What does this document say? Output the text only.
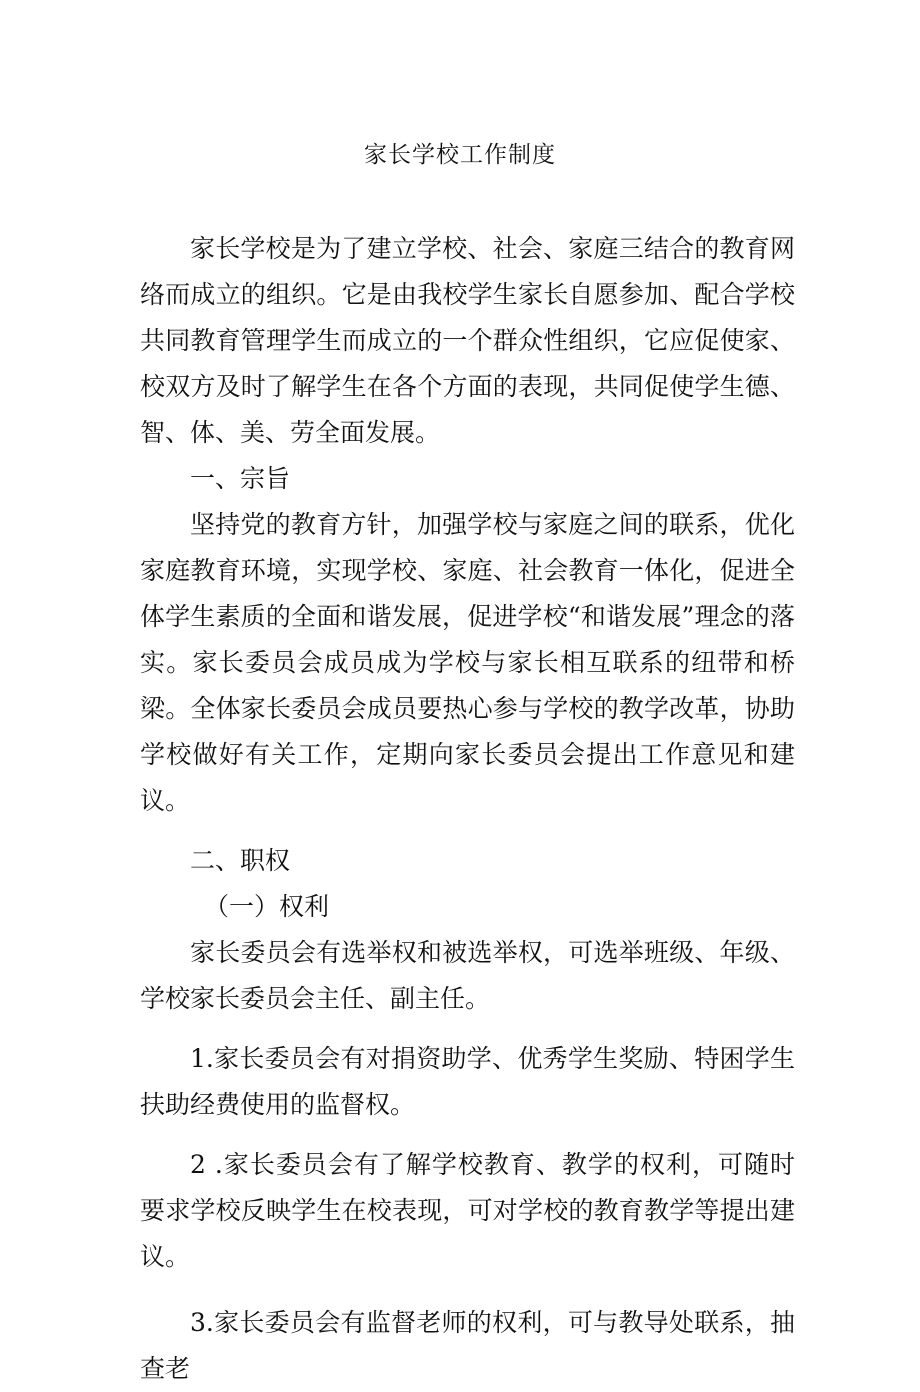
家长学校工作制度

家长学校是为了建立学校、社会、家庭三结合的教育网络而成立的组织。它是由我校学生家长自愿参加、配合学校共同教育管理学生而成立的一个群众性组织，它应促使家、校双方及时了解学生在各个方面的表现，共同促使学生德、智、体、美、劳全面发展。

一、宗旨

坚持党的教育方针，加强学校与家庭之间的联系，优化家庭教育环境，实现学校、家庭、社会教育一体化，促进全体学生素质的全面和谐发展，促进学校“和谐发展”理念的落实。家长委员会成员成为学校与家长相互联系的纽带和桥梁。全体家长委员会成员要热心参与学校的教学改革，协助学校做好有关工作，定期向家长委员会提出工作意见和建议。

二、职权

（一）权利

家长委员会有选举权和被选举权，可选举班级、年级、学校家长委员会主任、副主任。

1.家长委员会有对捐资助学、优秀学生奖励、特困学生扶助经费使用的监督权。

2 .家长委员会有了解学校教育、教学的权利，可随时要求学校反映学生在校表现，可对学校的教育教学等提出建议。

3.家长委员会有监督老师的权利，可与教导处联系，抽查老
